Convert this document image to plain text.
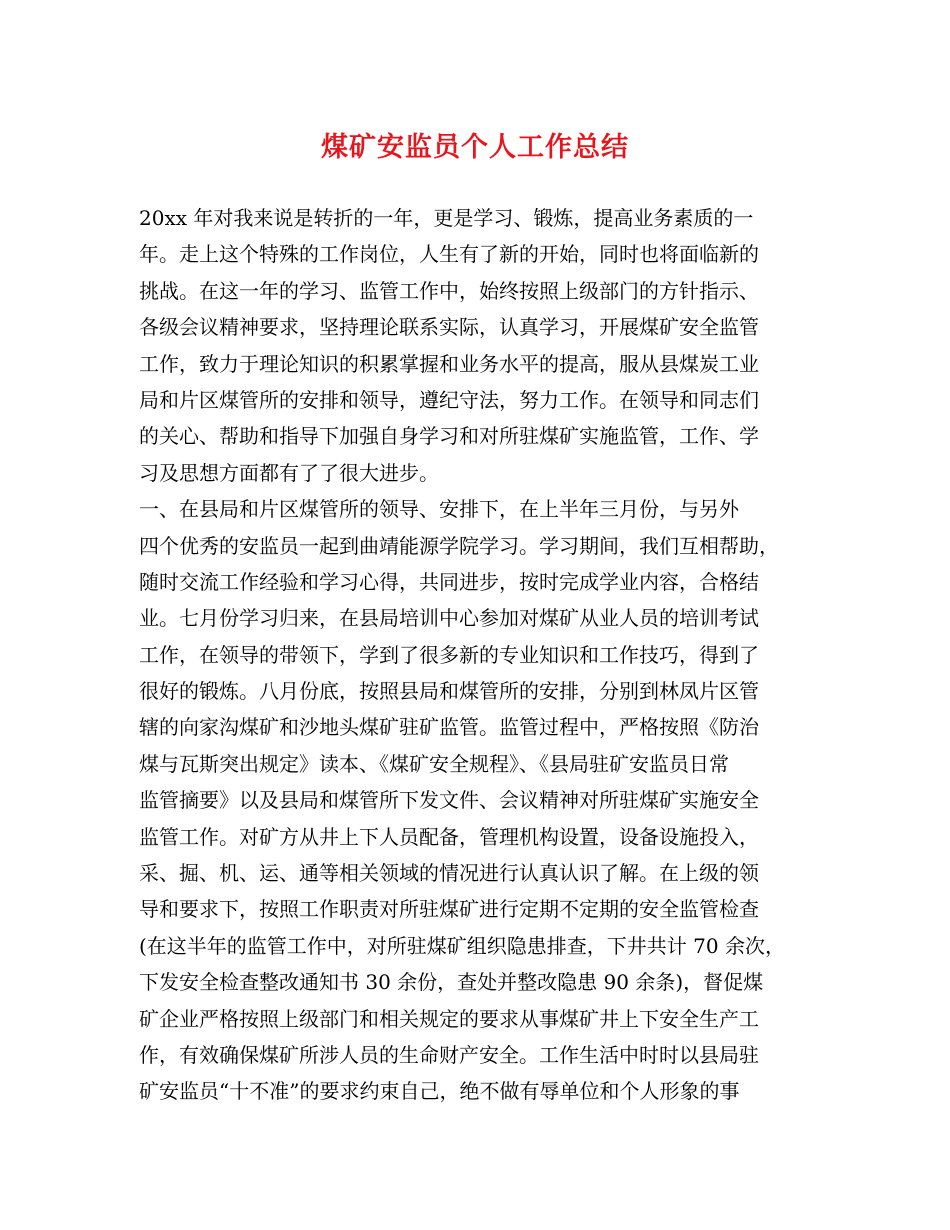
煤矿安监员个人工作总结
20xx 年对我来说是转折的一年，更是学习、锻炼，提高业务素质的一
年。走上这个特殊的工作岗位，人生有了新的开始，同时也将面临新的
挑战。在这一年的学习、监管工作中，始终按照上级部门的方针指示、
各级会议精神要求，坚持理论联系实际，认真学习，开展煤矿安全监管
工作，致力于理论知识的积累掌握和业务水平的提高，服从县煤炭工业
局和片区煤管所的安排和领导，遵纪守法，努力工作。在领导和同志们
的关心、帮助和指导下加强自身学习和对所驻煤矿实施监管，工作、学
习及思想方面都有了了很大进步。
一、在县局和片区煤管所的领导、安排下，在上半年三月份，与另外
四个优秀的安监员一起到曲靖能源学院学习。学习期间，我们互相帮助，
随时交流工作经验和学习心得，共同进步，按时完成学业内容，合格结
业。七月份学习归来，在县局培训中心参加对煤矿从业人员的培训考试
工作，在领导的带领下，学到了很多新的专业知识和工作技巧，得到了
很好的锻炼。八月份底，按照县局和煤管所的安排，分别到林凤片区管
辖的向家沟煤矿和沙地头煤矿驻矿监管。监管过程中，严格按照《防治
煤与瓦斯突出规定》读本、《煤矿安全规程》、《县局驻矿安监员日常
监管摘要》以及县局和煤管所下发文件、会议精神对所驻煤矿实施安全
监管工作。对矿方从井上下人员配备，管理机构设置，设备设施投入，
采、掘、机、运、通等相关领域的情况进行认真认识了解。在上级的领
导和要求下，按照工作职责对所驻煤矿进行定期不定期的安全监管检查
(在这半年的监管工作中，对所驻煤矿组织隐患排查，下井共计 70 余次，
下发安全检查整改通知书 30 余份，查处并整改隐患 90 余条)，督促煤
矿企业严格按照上级部门和相关规定的要求从事煤矿井上下安全生产工
作，有效确保煤矿所涉人员的生命财产安全。工作生活中时时以县局驻
矿安监员“十不准”的要求约束自己，绝不做有辱单位和个人形象的事
